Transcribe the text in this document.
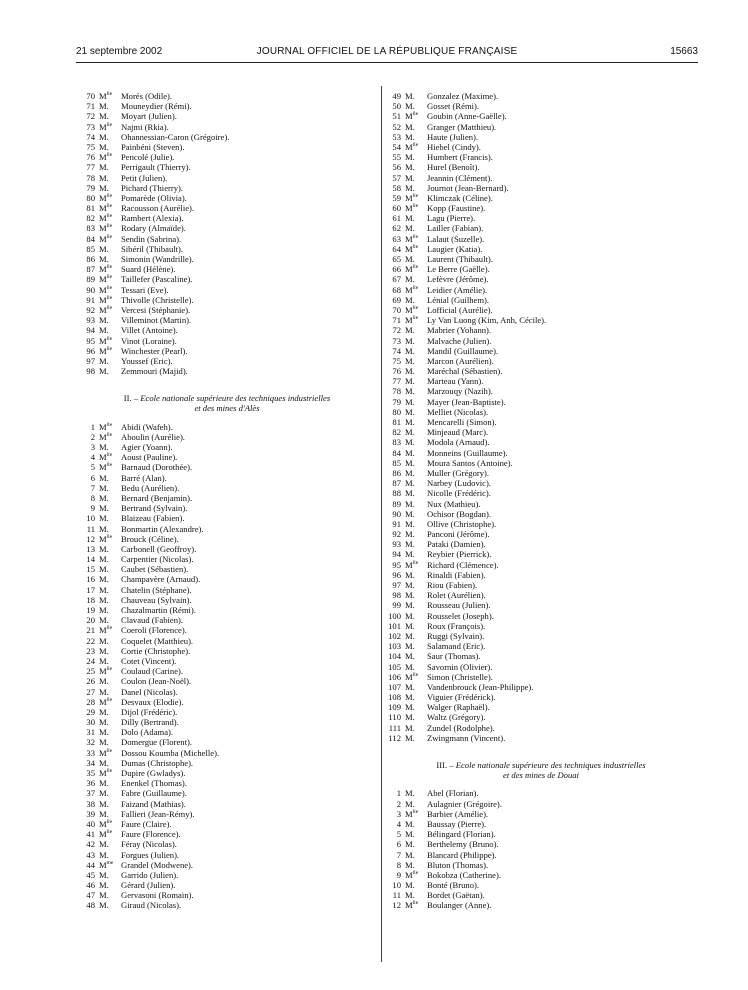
21 septembre 2002	JOURNAL OFFICIEL DE LA RÉPUBLIQUE FRANÇAISE	15663
70 $M^{lle}$	Morés (Odile).
71 M.	Mouneydier (Rémi).
72 M.	Moyart (Julien).
73 $M^{lle}$	Najmi (Rkia).
74 M.	Ohannessian-Caron (Grégoire).
75 M.	Painbéni (Steven).
76 $M^{lle}$	Pencolé (Julie).
77 M.	Perrigault (Thierry).
78 M.	Petit (Julien).
79 M.	Pichard (Thierry).
80 $M^{lle}$	Pomarède (Olivia).
81 $M^{lle}$	Racousson (Aurélie).
82 $M^{lle}$	Rambert (Alexia).
83 $M^{lle}$	Rodary (Almaïde).
84 $M^{lle}$	Sendin (Sabrina).
85 M.	Sibéril (Thibault).
86 M.	Simonin (Wandrille).
87 $M^{lle}$	Suard (Hélène).
89 $M^{lle}$	Taillefer (Pascaline).
90 $M^{lle}$	Tessari (Eve).
91 $M^{lle}$	Thivolle (Christelle).
92 $M^{lle}$	Vercesi (Stéphanie).
93 M.	Villeminot (Martin).
94 M.	Villet (Antoine).
95 $M^{lle}$	Vinot (Loraine).
96 $M^{lle}$	Winchester (Pearl).
97 M.	Youssef (Eric).
98 M.	Zemmouri (Majid).
II. – Ecole nationale supérieure des techniques industrielles
et des mines d'Alès
1 $M^{lle}$	Abidi (Wafeh).
2 $M^{lle}$	Aboulin (Aurélie).
3 M.	Agier (Yoann).
4 $M^{lle}$	Aoust (Pauline).
5 $M^{lle}$	Barnaud (Dorothée).
6 M.	Barré (Alan).
7 M.	Bedu (Aurélien).
8 M.	Bernard (Benjamin).
9 M.	Bertrand (Sylvain).
10 M.	Blaizeau (Fabien).
11 M.	Bonmartin (Alexandre).
12 $M^{lle}$	Brouck (Céline).
13 M.	Carbonell (Geoffroy).
14 M.	Carpentier (Nicolas).
15 M.	Caubet (Sébastien).
16 M.	Champavère (Arnaud).
17 M.	Chatelin (Stéphane).
18 M.	Chauveau (Sylvain).
19 M.	Chazalmartin (Rémi).
20 M.	Clavaud (Fabien).
21 $M^{lle}$	Coeroli (Florence).
22 M.	Coquelet (Matthieu).
23 M.	Cortie (Christophe).
24 M.	Cotet (Vincent).
25 $M^{lle}$	Coulaud (Carine).
26 M.	Coulon (Jean-Noël).
27 M.	Danel (Nicolas).
28 $M^{lle}$	Desvaux (Elodie).
29 M.	Dijol (Frédéric).
30 M.	Dilly (Bertrand).
31 M.	Dolo (Adama).
32 M.	Domergue (Florent).
33 $M^{lle}$	Dossou Koumba (Michelle).
34 M.	Dumas (Christophe).
35 $M^{lle}$	Dupire (Gwladys).
36 M.	Enenkel (Thomas).
37 M.	Fabre (Guillaume).
38 M.	Faizand (Mathias).
39 M.	Fallieri (Jean-Rémy).
40 $M^{lle}$	Faure (Claire).
41 $M^{lle}$	Faure (Florence).
42 M.	Féray (Nicolas).
43 M.	Forgues (Julien).
44 $M^{me}$ Grandel (Modwene).
45 M.	Garrido (Julien).
46 M.	Gérard (Julien).
47 M.	Gervasoni (Romain).
48 M.	Giraud (Nicolas).
49 M.	Gonzalez (Maxime).
50 M.	Gosset (Rémi).
51 $M^{lle}$	Goubin (Anne-Gaëlle).
52 M.	Granger (Matthieu).
53 M.	Haute (Julien).
54 $M^{lle}$	Hiebel (Cindy).
55 M.	Humbert (Francis).
56 M.	Hurel (Benoît).
57 M.	Jeannin (Clément).
58 M.	Journot (Jean-Bernard).
59 $M^{lle}$	Klimczak (Céline).
60 $M^{lle}$	Kopp (Faustine).
61 M.	Lagu (Pierre).
62 M.	Lailler (Fabian).
63 $M^{lle}$	Lalaut (Suzelle).
64 $M^{lle}$	Laugier (Katia).
65 M.	Laurent (Thibault).
66 $M^{lle}$	Le Berre (Gaëlle).
67 M.	Lefèvre (Jérôme).
68 $M^{lle}$	Leidier (Amélie).
69 M.	Lénial (Guilhem).
70 $M^{lle}$	Lofficial (Aurélie).
71 $M^{lle}$	Ly Van Luong (Kim, Anh, Cécile).
72 M.	Mabrier (Yohann).
73 M.	Malvache (Julien).
74 M.	Mandil (Guillaume).
75 M.	Marcon (Aurélien).
76 M.	Maréchal (Sébastien).
77 M.	Marteau (Yann).
78 M.	Marzouqy (Nazih).
79 M.	Mayer (Jean-Baptiste).
80 M.	Melliet (Nicolas).
81 M.	Mencarelli (Simon).
82 M.	Minjeaud (Marc).
83 M.	Modola (Arnaud).
84 M.	Monneins (Guillaume).
85 M.	Moura Santos (Antoine).
86 M.	Muller (Grégory).
87 M.	Narbey (Ludovic).
88 M.	Nicolle (Frédéric).
89 M.	Nux (Mathieu).
90 M.	Ochisor (Bogdan).
91 M.	Ollive (Christophe).
92 M.	Panconi (Jérôme).
93 M.	Pataki (Damien).
94 M.	Reybier (Pierrick).
95 $M^{lle}$	Richard (Clémence).
96 M.	Rinaldi (Fabien).
97 M.	Riou (Fabien).
98 M.	Rolet (Aurélien).
99 M.	Rousseau (Julien).
100 M.	Rousselet (Joseph).
101 M.	Roux (François).
102 M.	Ruggi (Sylvain).
103 M.	Salamand (Eric).
104 M.	Saur (Thomas).
105 M.	Savornin (Olivier).
106 $M^{lle}$	Simon (Christelle).
107 M.	Vandenbrouck (Jean-Philippe).
108 M.	Viguier (Frédérick).
109 M.	Walger (Raphaël).
110 M.	Waltz (Grégory).
111 M.	Zundel (Rodolphe).
112 M.	Zwingmann (Vincent).
III. – Ecole nationale supérieure des techniques industrielles
et des mines de Douai
1 M.	Abel (Florian).
2 M.	Aulagnier (Grégoire).
3 $M^{lle}$	Barbier (Amélie).
4 M.	Baussay (Pierre).
5 M.	Bélingard (Florian).
6 M.	Berthelemy (Bruno).
7 M.	Blancard (Philippe).
8 M.	Bluton (Thomas).
9 $M^{lle}$	Bokobza (Catherine).
10 M.	Bonté (Bruno).
11 M.	Bordet (Gaëtan).
12 $M^{lle}$	Boulanger (Anne).
